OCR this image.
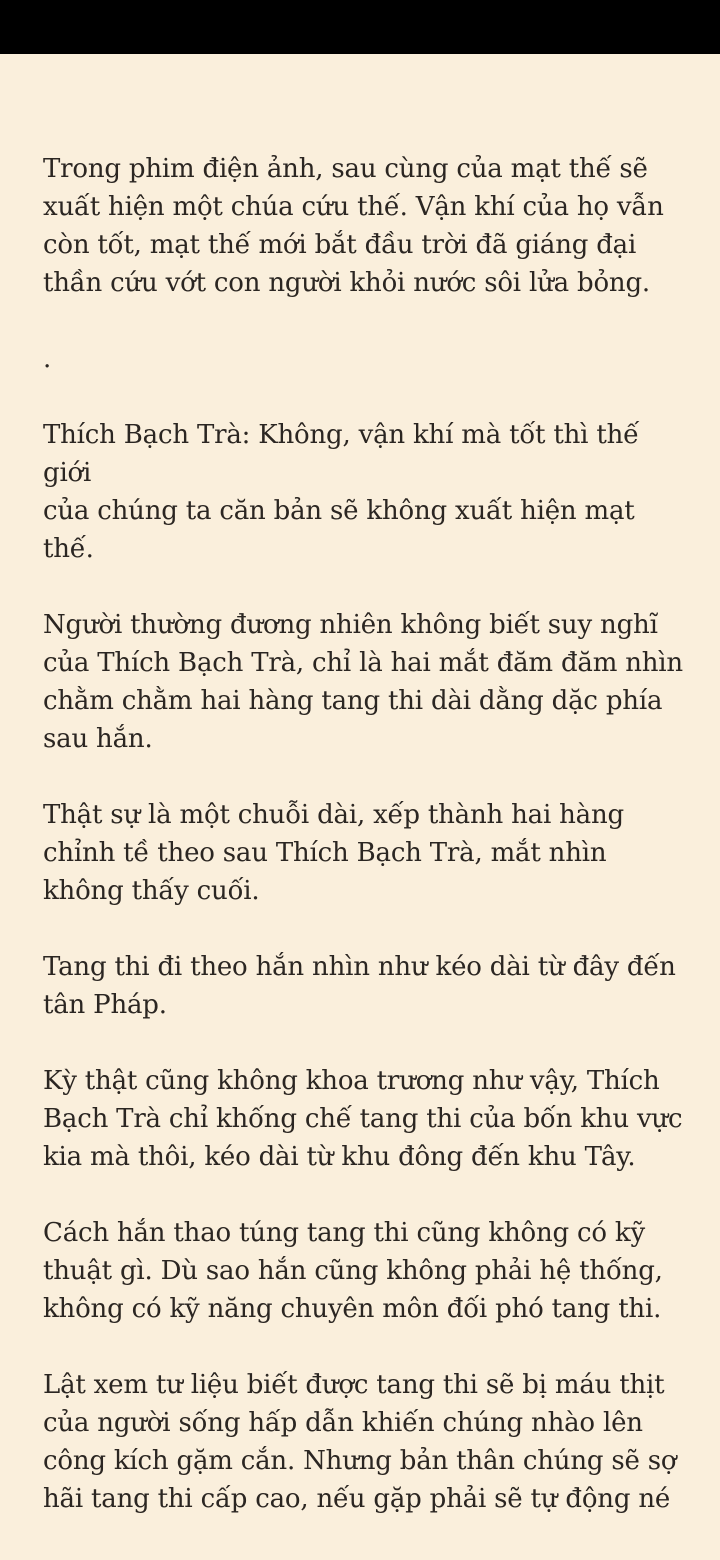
Trong phim điện ảnh, sau cùng của mạt thế sẽ
xuất hiện một chúa cứu thế. Vận khí của họ vẫn
còn tốt, mạt thế mới bắt đầu trời đã giáng đại
thần cứu vớt con người khỏi nước sôi lửa bỏng.

.

Thích Bạch Trà: Không, vận khí mà tốt thì thế giới
của chúng ta căn bản sẽ không xuất hiện mạt thế.

Người thường đương nhiên không biết suy nghĩ
của Thích Bạch Trà, chỉ là hai mắt đăm đăm nhìn
chằm chằm hai hàng tang thi dài dằng dặc phía
sau hắn.

Thật sự là một chuỗi dài, xếp thành hai hàng
chỉnh tề theo sau Thích Bạch Trà, mắt nhìn
không thấy cuối.

Tang thi đi theo hắn nhìn như kéo dài từ đây đến
tân Pháp.

Kỳ thật cũng không khoa trương như vậy, Thích
Bạch Trà chỉ khống chế tang thi của bốn khu vực
kia mà thôi, kéo dài từ khu đông đến khu Tây.

Cách hắn thao túng tang thi cũng không có kỹ
thuật gì. Dù sao hắn cũng không phải hệ thống,
không có kỹ năng chuyên môn đối phó tang thi.

Lật xem tư liệu biết được tang thi sẽ bị máu thịt
của người sống hấp dẫn khiến chúng nhào lên
công kích gặm cắn. Nhưng bản thân chúng sẽ sợ
hãi tang thi cấp cao, nếu gặp phải sẽ tự động né
